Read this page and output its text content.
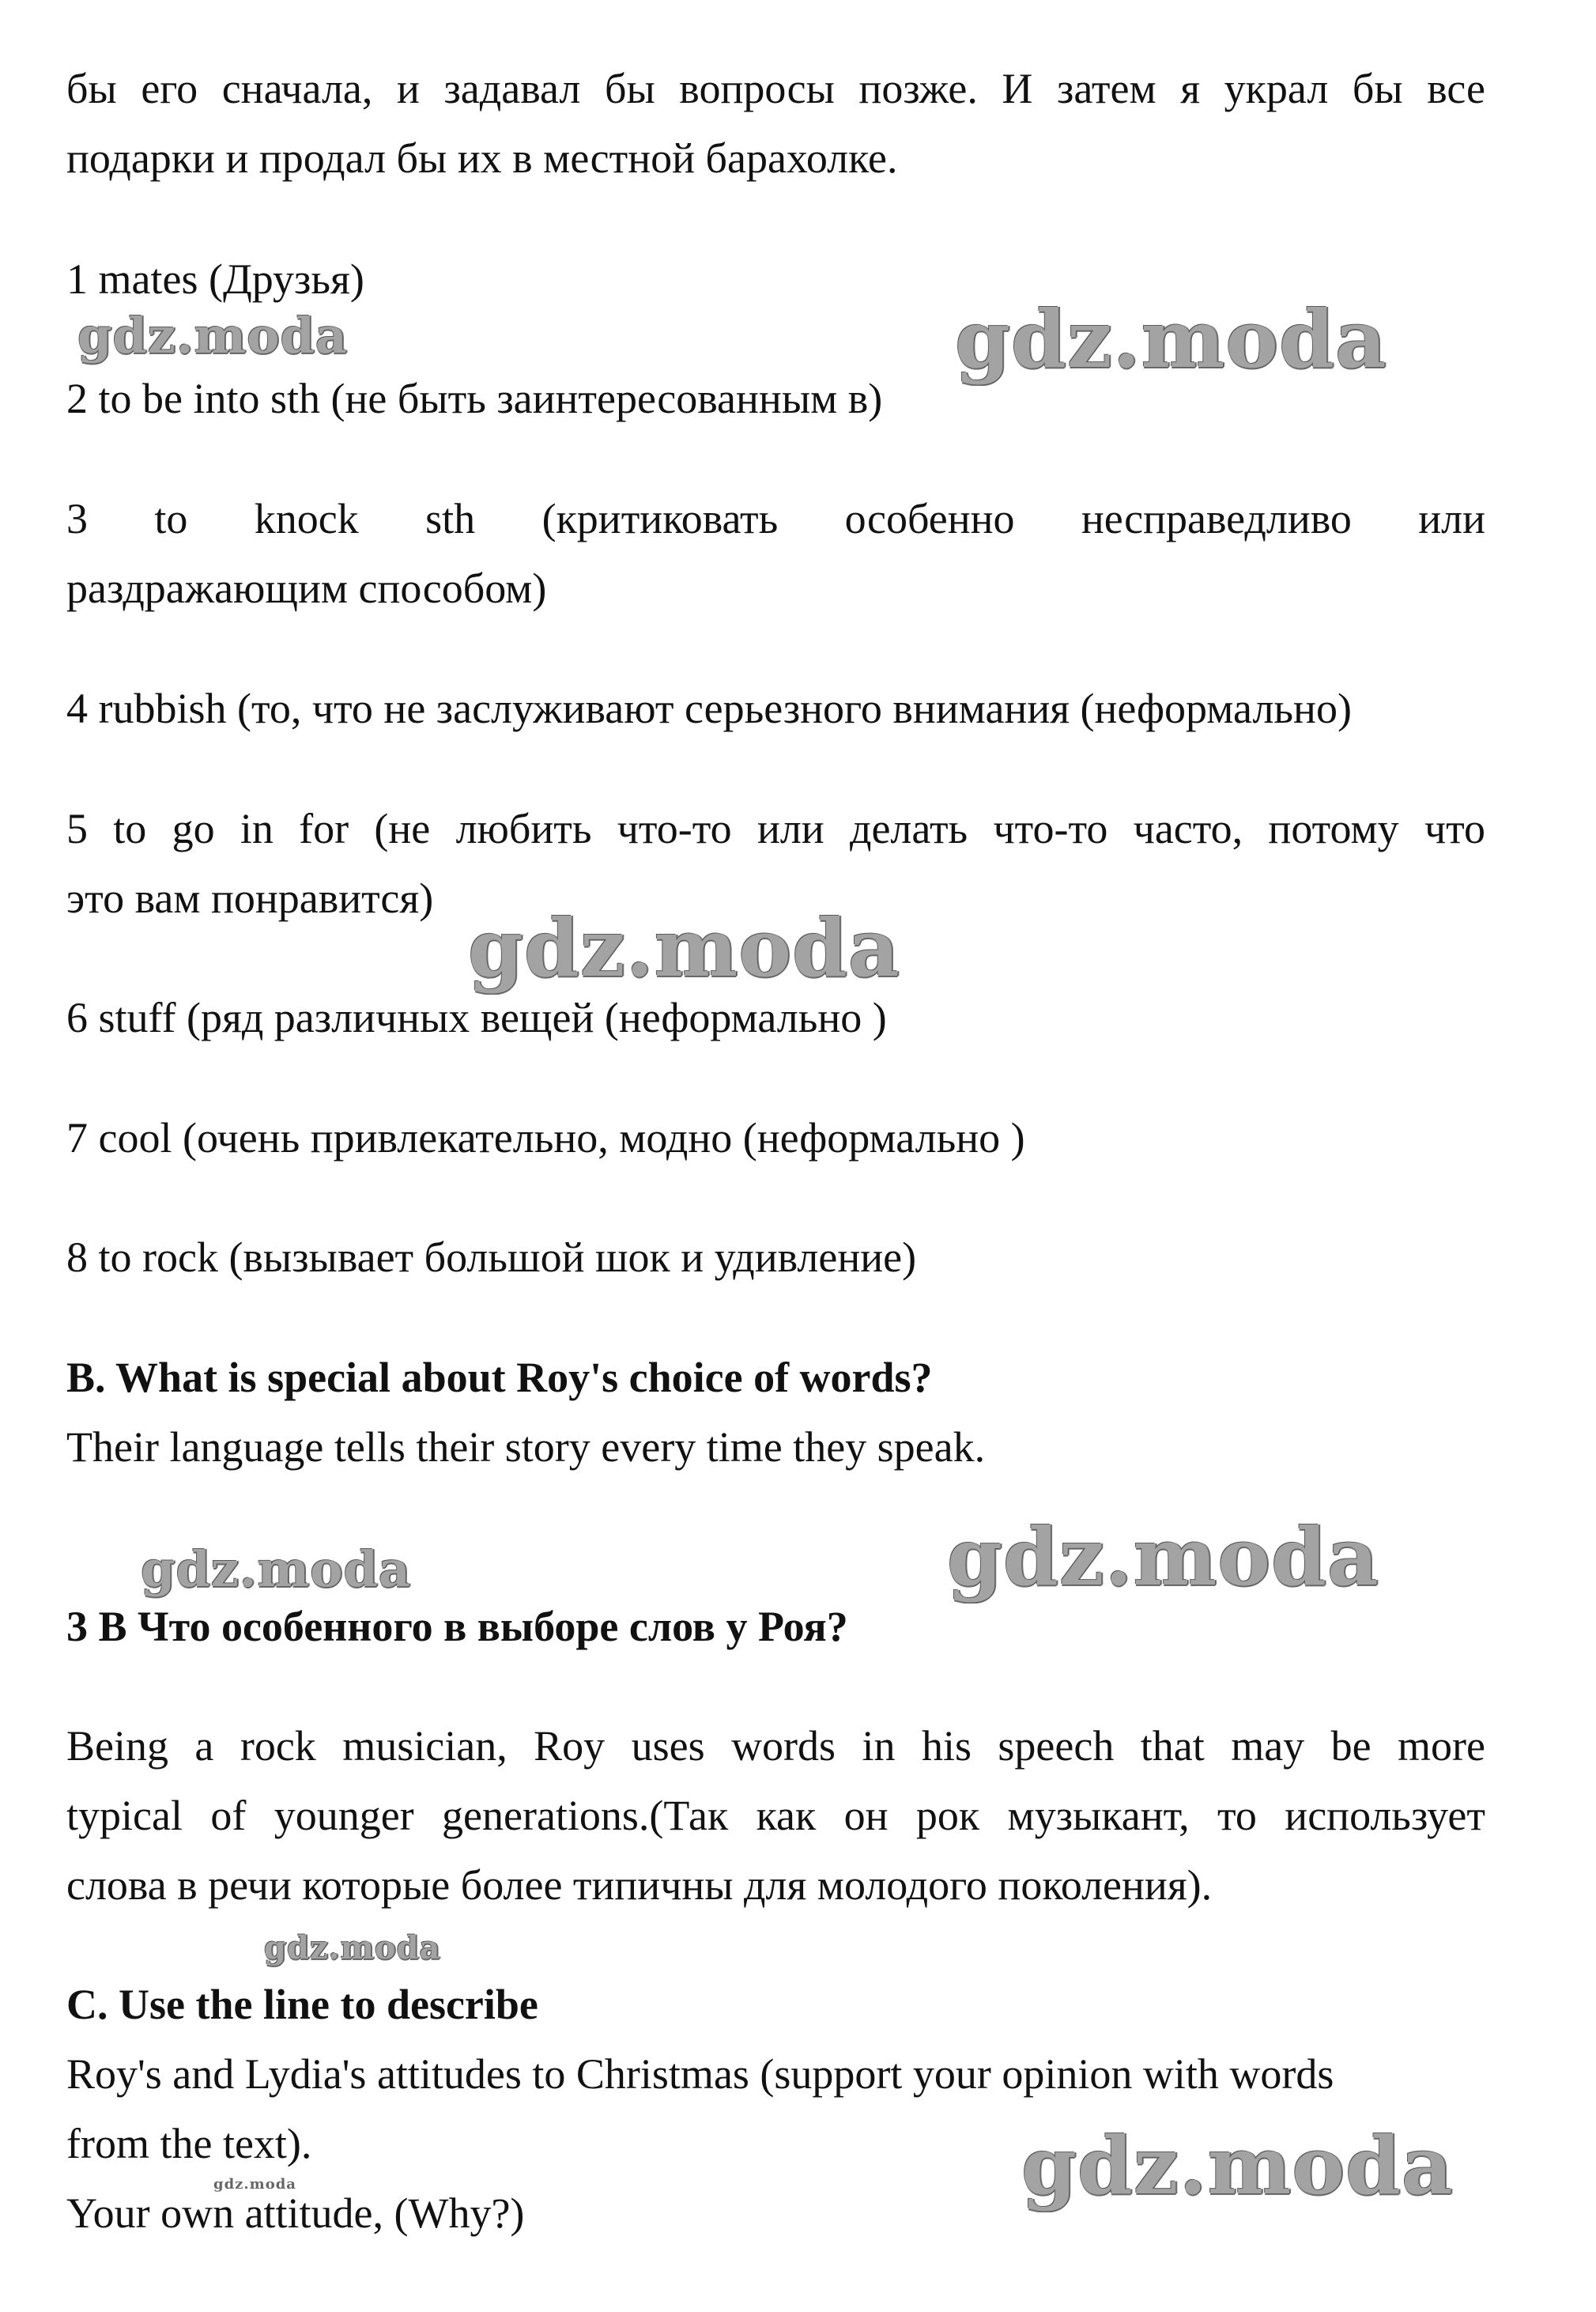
бы его сначала, и задавал бы вопросы позже. И затем я украл бы все
подарки и продал бы их в местной барахолке.
1 mates (Друзья)
2 to be into sth (не быть заинтересованным в)
3 to knock sth (критиковать особенно несправедливо или
раздражающим способом)
4 rubbish (то, что не заслуживают серьезного внимания (неформально)
5 to go in for (не любить что-то или делать что-то часто, потому что
это вам понравится)
6 stuff (ряд различных вещей (неформально )
7 cool (очень привлекательно, модно (неформально )
8 to rock (вызывает большой шок и удивление)
B. What is special about Roy's choice of words?
Their language tells their story every time they speak.
3 B Что особенного в выборе слов у Роя?
Being a rock musician, Roy uses words in his speech that may be more
typical of younger generations.(Так как он рок музыкант, то использует
слова в речи которые более типичны для молодого поколения).
C. Use the line to describe
Roy's and Lydia's attitudes to Christmas (support your opinion with words
from the text).
Your own attitude, (Why?)
gdz.moda	gdz.moda
gdz.moda
gdz.moda	gdz.moda
gdz.moda
gdz.moda
gdz.moda
